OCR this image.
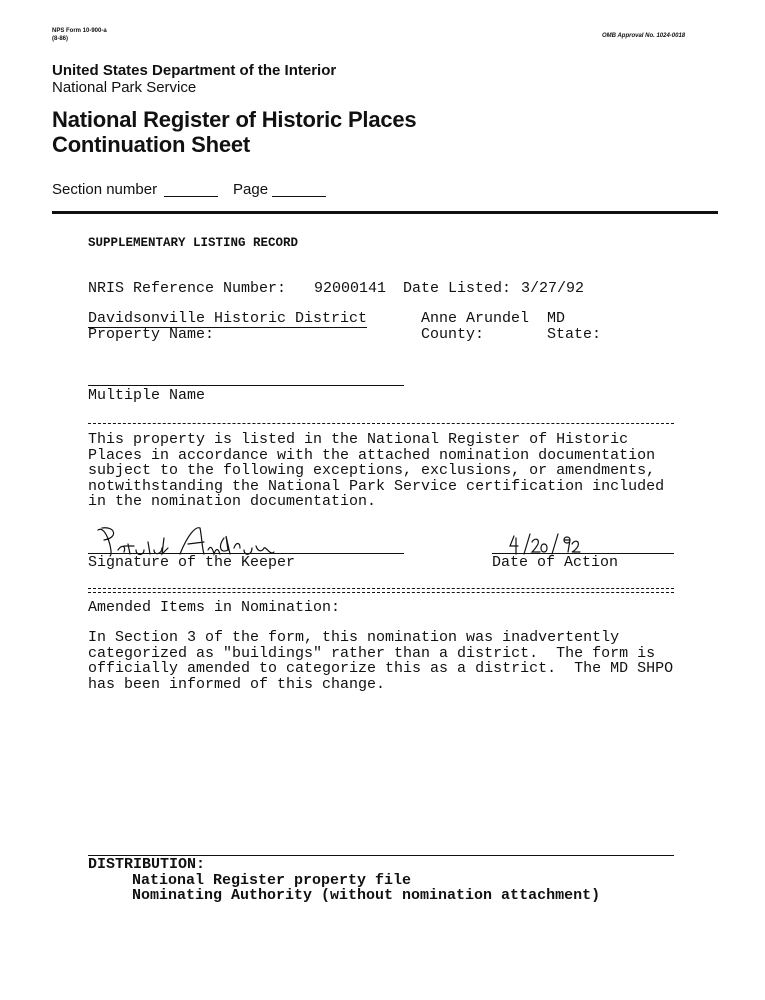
NPS Form 10-900-a
(8-86)	OMB Approval No. 1024-0018
United States Department of the Interior
National Park Service
National Register of Historic Places
Continuation Sheet
Section number	Page
SUPPLEMENTARY LISTING RECORD
NRIS Reference Number: 92000141 Date Listed: 3/27/92
Davidsonville Historic District	Anne Arundel MD
Property Name:	County:	State:
Multiple Name
This property is listed in the National Register of Historic
Places in accordance with the attached nomination documentation
subject to the following exceptions, exclusions, or amendments,
notwithstanding the National Park Service certification included
in the nomination documentation.
Signature of the Keeper	Date of Action
Amended Items in Nomination:
In Section 3 of the form, this nomination was inadvertently
categorized as "buildings" rather than a district.  The form is
officially amended to categorize this as a district.  The MD SHPO
has been informed of this change.
DISTRIBUTION:
National Register property file
Nominating Authority (without nomination attachment)
